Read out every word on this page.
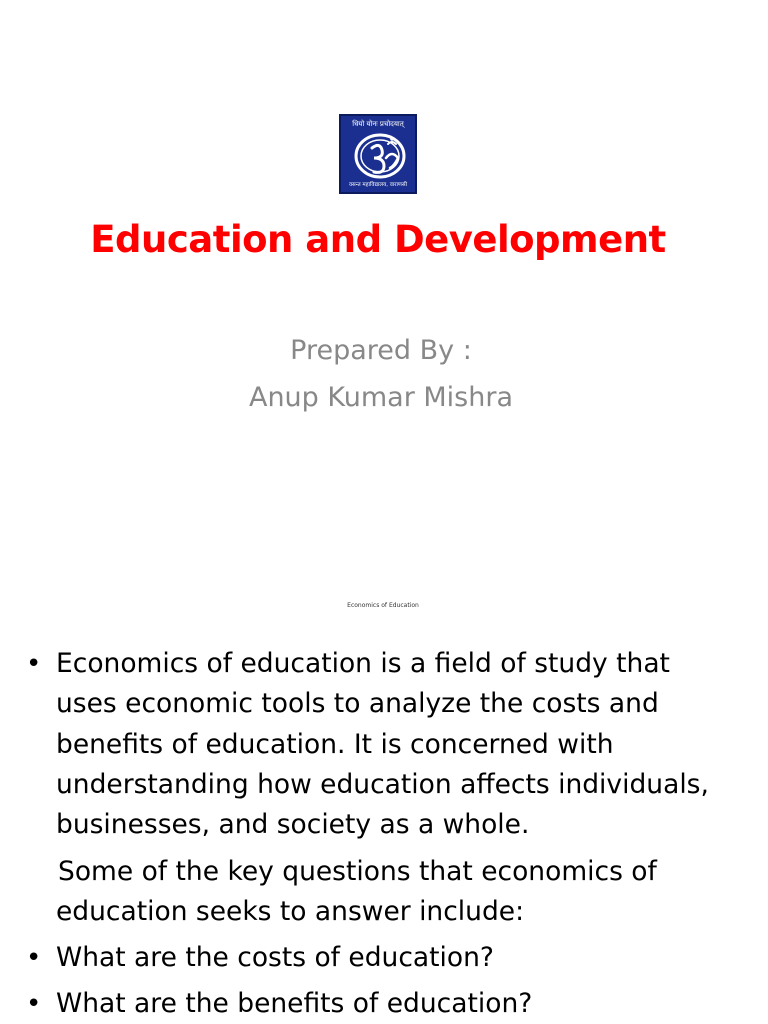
धियो योनः प्रचोदयात्
वसन्त महाविद्यालय, वाराणसी
Education and Development
Prepared By :
Anup Kumar Mishra
Economics of Education
• Economics of education is a field of study that
uses economic tools to analyze the costs and
benefits of education. It is concerned with
understanding how education affects individuals,
businesses, and society as a whole.
Some of the key questions that economics of
education seeks to answer include:
• What are the costs of education?
• What are the benefits of education?
